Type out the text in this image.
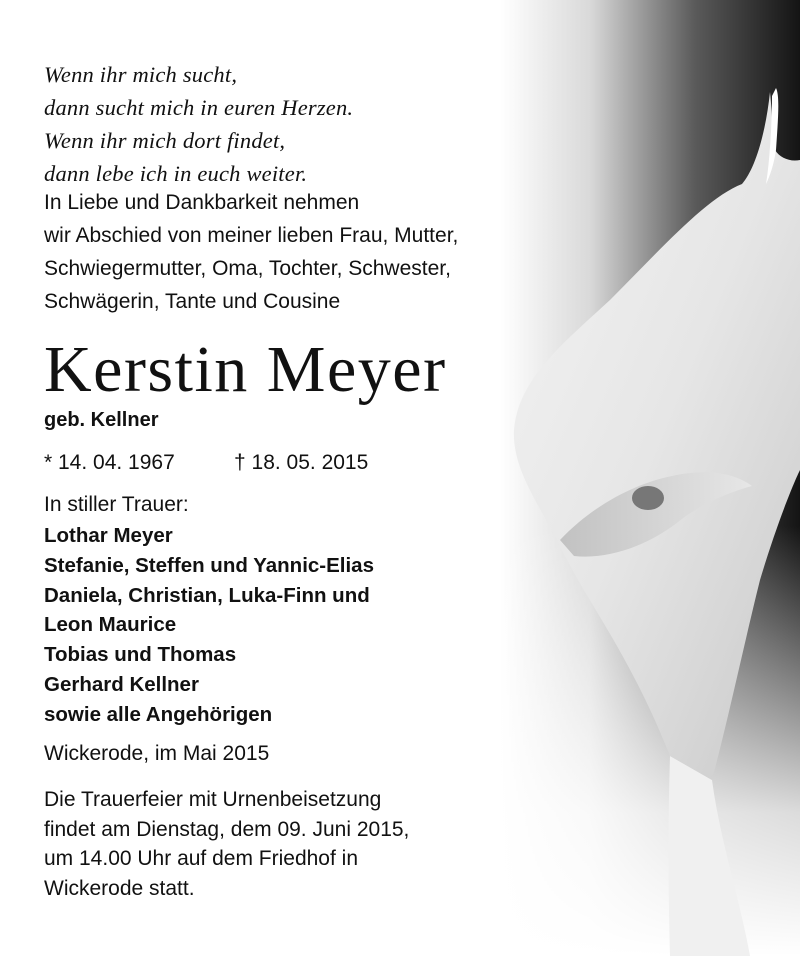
Wenn ihr mich sucht,
dann sucht mich in euren Herzen.
Wenn ihr mich dort findet,
dann lebe ich in euch weiter.
In Liebe und Dankbarkeit nehmen
wir Abschied von meiner lieben Frau, Mutter,
Schwiegermutter, Oma, Tochter, Schwester,
Schwägerin, Tante und Cousine
Kerstin Meyer
geb. Kellner
* 14. 04. 1967	† 18. 05. 2015
In stiller Trauer:
Lothar Meyer
Stefanie, Steffen und Yannic-Elias
Daniela, Christian, Luka-Finn und
Leon Maurice
Tobias und Thomas
Gerhard Kellner
sowie alle Angehörigen
Wickerode, im Mai 2015
Die Trauerfeier mit Urnenbeisetzung
findet am Dienstag, dem 09. Juni 2015,
um 14.00 Uhr auf dem Friedhof in
Wickerode statt.
